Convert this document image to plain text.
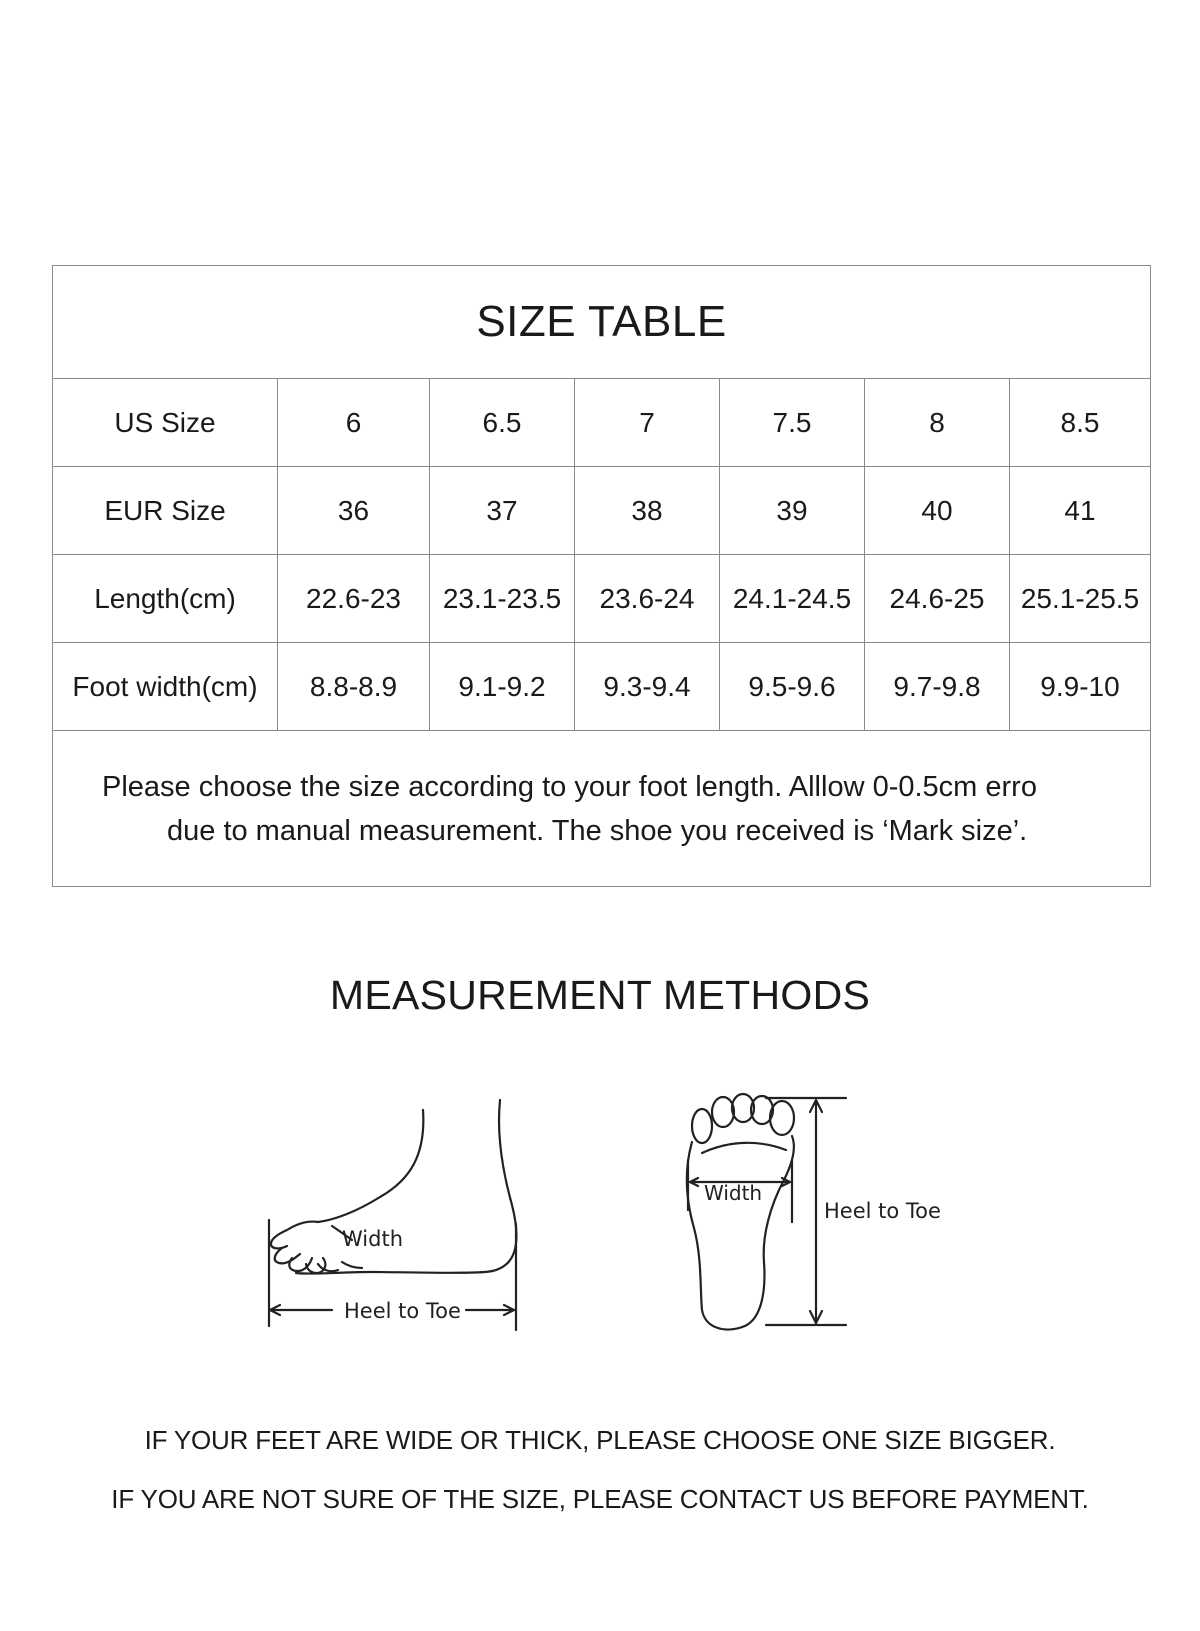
SIZE TABLE						
US Size	6	6.5	7	7.5	8	8.5
EUR Size	36	37	38	39	40	41
Length(cm)	22.6-23	23.1-23.5	23.6-24	24.1-24.5	24.6-25	25.1-25.5
Foot width(cm)	8.8-8.9	9.1-9.2	9.3-9.4	9.5-9.6	9.7-9.8	9.9-10

Please choose the size according to your foot length. Alllow 0-0.5cm erro
due to manual measurement. The shoe you received is ‘Mark size’.						
MEASUREMENT METHODS
Width
Heel to Toe
Width
Heel to Toe
IF YOUR FEET ARE WIDE OR THICK, PLEASE CHOOSE ONE SIZE BIGGER.
IF YOU ARE NOT SURE OF THE SIZE, PLEASE CONTACT US BEFORE PAYMENT.
